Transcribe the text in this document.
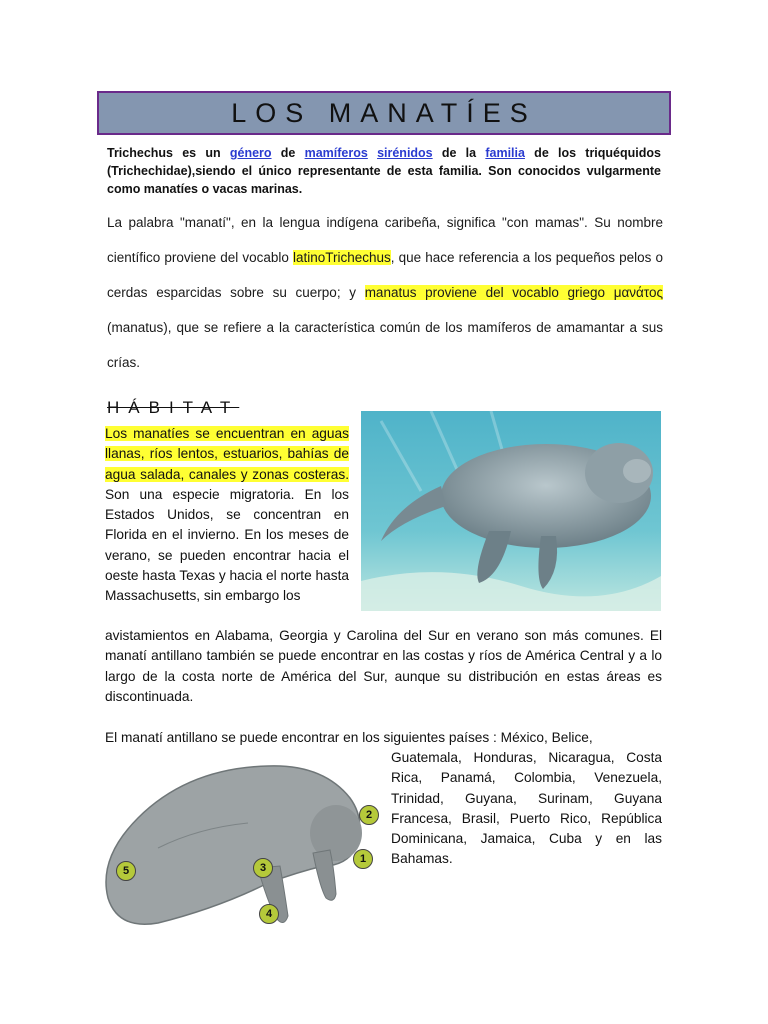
LOS MANATÍES
Trichechus es un género de mamíferos sirénidos de la familia de los triquéquidos (Trichechidae),siendo el único representante de esta familia. Son conocidos vulgarmente como manatíes o vacas marinas.
La palabra "manatí", en la lengua indígena caribeña, significa "con mamas". Su nombre científico proviene del vocablo latinoTrichechus, que hace referencia a los pequeños pelos o cerdas esparcidas sobre su cuerpo; y manatus proviene del vocablo griego μανάτος (manatus), que se refiere a la característica común de los mamíferos de amamantar a sus crías.
HÁBITAT
Los manatíes se encuentran en aguas llanas, ríos lentos, estuarios, bahías de agua salada, canales y zonas costeras. Son una especie migratoria. En los Estados Unidos, se concentran en Florida en el invierno. En los meses de verano, se pueden encontrar hacia el oeste hasta Texas y hacia el norte hasta Massachusetts, sin embargo los
avistamientos en Alabama, Georgia y Carolina del Sur en verano son más comunes. El manatí antillano también se puede encontrar en las costas y ríos de América Central y a lo largo de la costa norte de América del Sur, aunque su distribución en estas áreas es discontinuada.
El manatí antillano se puede encontrar en los siguientes países : México, Belice,
Guatemala, Honduras, Nicaragua, Costa Rica, Panamá, Colombia, Venezuela, Trinidad, Guyana, Surinam, Guyana Francesa, Brasil, Puerto Rico, República Dominicana, Jamaica, Cuba y en las Bahamas.
1
2
3
4
5
